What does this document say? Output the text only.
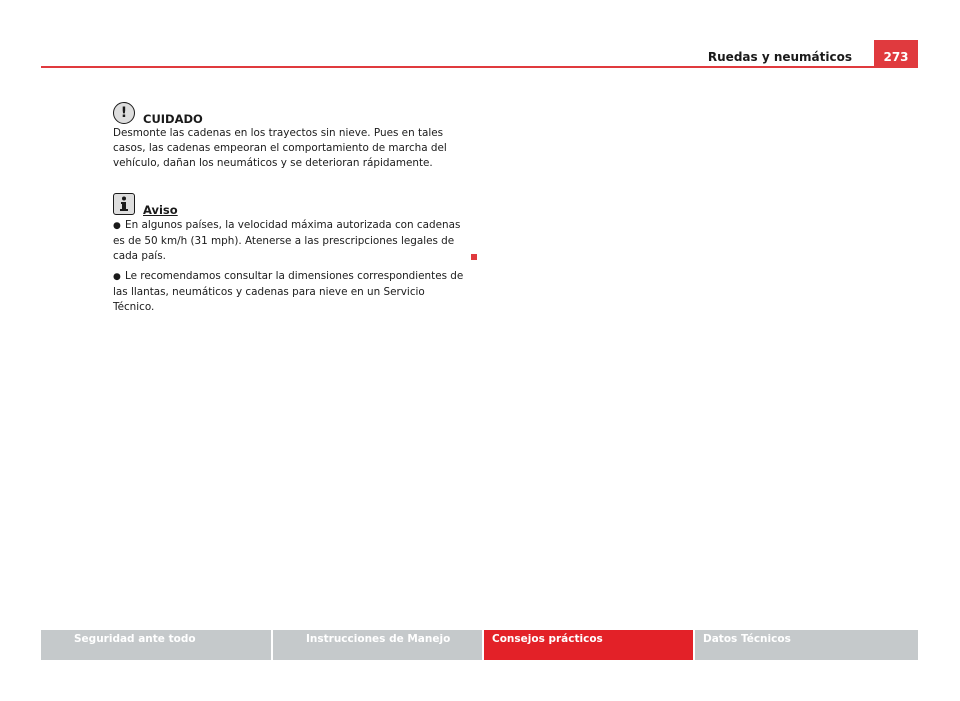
Ruedas y neumáticos	273
!	CUIDADO

Desmonte las cadenas en los trayectos sin nieve. Pues en tales casos, las cadenas empeoran el comportamiento de marcha del vehículo, dañan los neumáticos y se deterioran rápidamente.

Aviso

● En algunos países, la velocidad máxima autorizada con cadenas es de 50 km/h (31 mph). Atenerse a las prescripciones legales de cada país.

● Le recomendamos consultar la dimensiones correspondientes de las llantas, neumáticos y cadenas para nieve en un Servicio Técnico.

Seguridad ante todo	Instrucciones de Manejo	Consejos prácticos	Datos Técnicos
